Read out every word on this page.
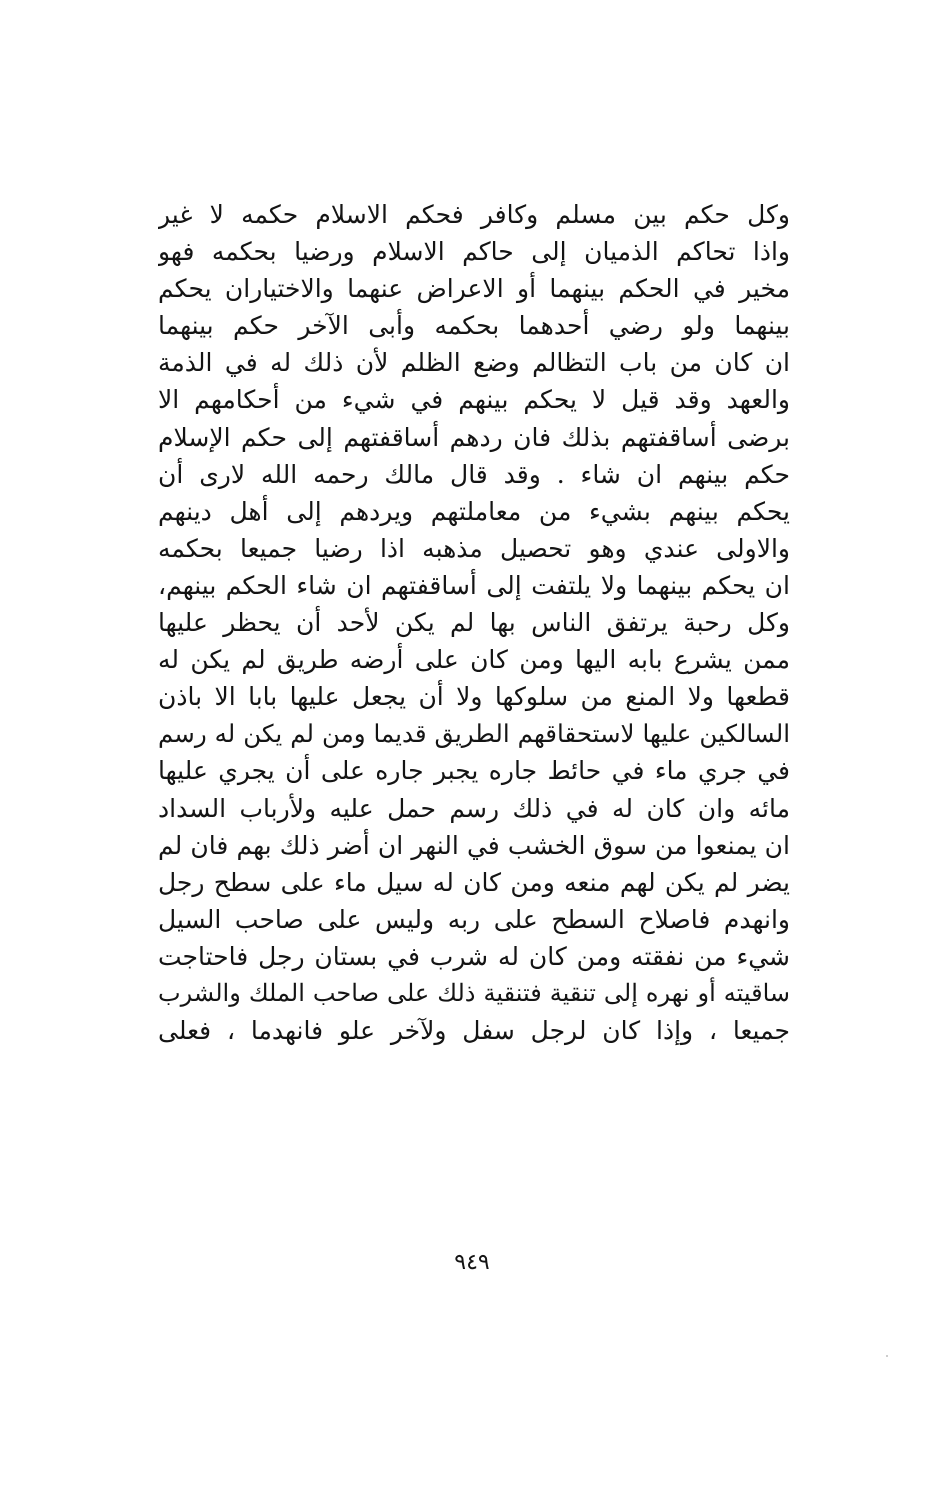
وكل حكم بين مسلم وكافر فحكم الاسلام حكمه لا غير
واذا تحاكم الذميان إلى حاكم الاسلام ورضيا بحكمه فهو
مخير في الحكم بينهما أو الاعراض عنهما والاختياران يحكم
بينهما ولو رضي أحدهما بحكمه وأبى الآخر حكم بينهما
ان كان من باب التظالم وضع الظلم لأن ذلك له في الذمة
والعهد وقد قيل لا يحكم بينهم في شيء من أحكامهم الا
برضى أساقفتهم بذلك فان ردهم أساقفتهم إلى حكم الإسلام
حكم بينهم ان شاء . وقد قال مالك رحمه الله لارى أن
يحكم بينهم بشيء من معاملتهم ويردهم إلى أهل دينهم
والاولى عندي وهو تحصيل مذهبه اذا رضيا جميعا بحكمه
ان يحكم بينهما ولا يلتفت إلى أساقفتهم ان شاء الحكم بينهم،
وكل رحبة يرتفق الناس بها لم يكن لأحد أن يحظر عليها
ممن يشرع بابه اليها ومن كان على أرضه طريق لم يكن له
قطعها ولا المنع من سلوكها ولا أن يجعل عليها بابا الا باذن
السالكين عليها لاستحقاقهم الطريق قديما ومن لم يكن له رسم
في جري ماء في حائط جاره يجبر جاره على أن يجري عليها
مائه وان كان له في ذلك رسم حمل عليه ولأرباب السداد
ان يمنعوا من سوق الخشب في النهر ان أضر ذلك بهم فان لم
يضر لم يكن لهم منعه ومن كان له سيل ماء على سطح رجل
وانهدم فاصلاح السطح على ربه وليس على صاحب السيل
شيء من نفقته ومن كان له شرب في بستان رجل فاحتاجت
ساقيته أو نهره إلى تنقية فتنقية ذلك على صاحب الملك والشرب
جميعا ، وإذا كان لرجل سفل ولآخر علو فانهدما ، فعلى
٩٤٩
